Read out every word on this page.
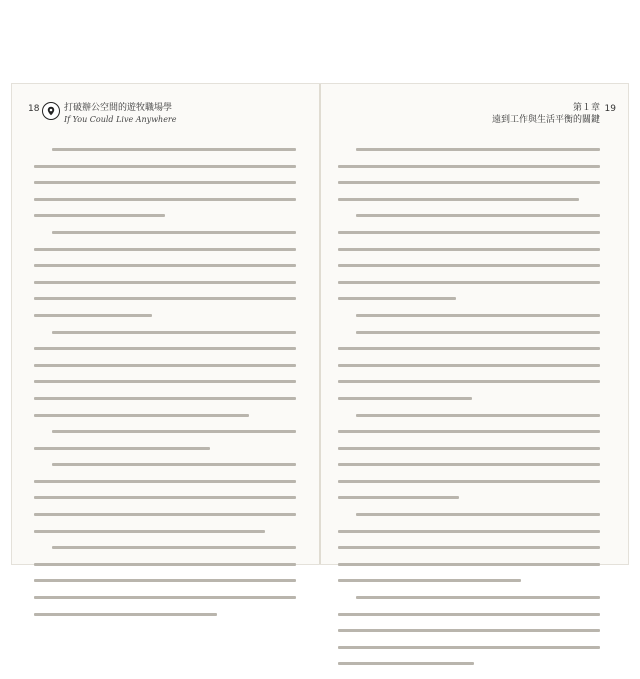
18	打破辦公空間的遊牧職場學
If You Could Live Anywhere
19
第１章
遠到工作與生活平衡的關鍵
